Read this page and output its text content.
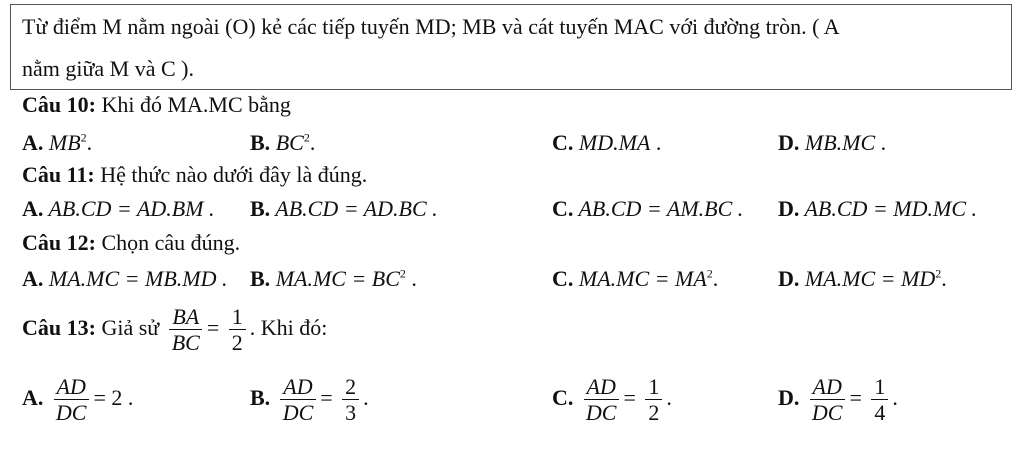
Từ điểm M nằm ngoài (O) kẻ các tiếp tuyến MD; MB và cát tuyến MAC với đường tròn. ( A
nằm giữa M và C ).
Câu 10: Khi đó MA.MC bằng
A. $MB^2$.	B. $BC^2$.	C. MD.MA .	D. MB.MC .
Câu 11: Hệ thức nào dưới đây là đúng.
A. AB.CD = AD.BM . B. AB.CD = AD.BC .	C. AB.CD = AM.BC . D. AB.CD = MD.MC .
Câu 12: Chọn câu đúng.
A. MA.MC = MB.MD . B. $MA.MC = BC^2$ .	C. $MA.MC = MA^2$.	D. $MA.MC = MD^2$.
Câu 13: Giả sử $\frac{BA}{BC} = \frac{1}{2}$ . Khi đó:
A. $\frac{AD}{DC} = 2$ .	B. $\frac{AD}{DC} = \frac{2}{3}$ .	C. $\frac{AD}{DC} = \frac{1}{2}$ .	D. $\frac{AD}{DC} = \frac{1}{4}$ .
